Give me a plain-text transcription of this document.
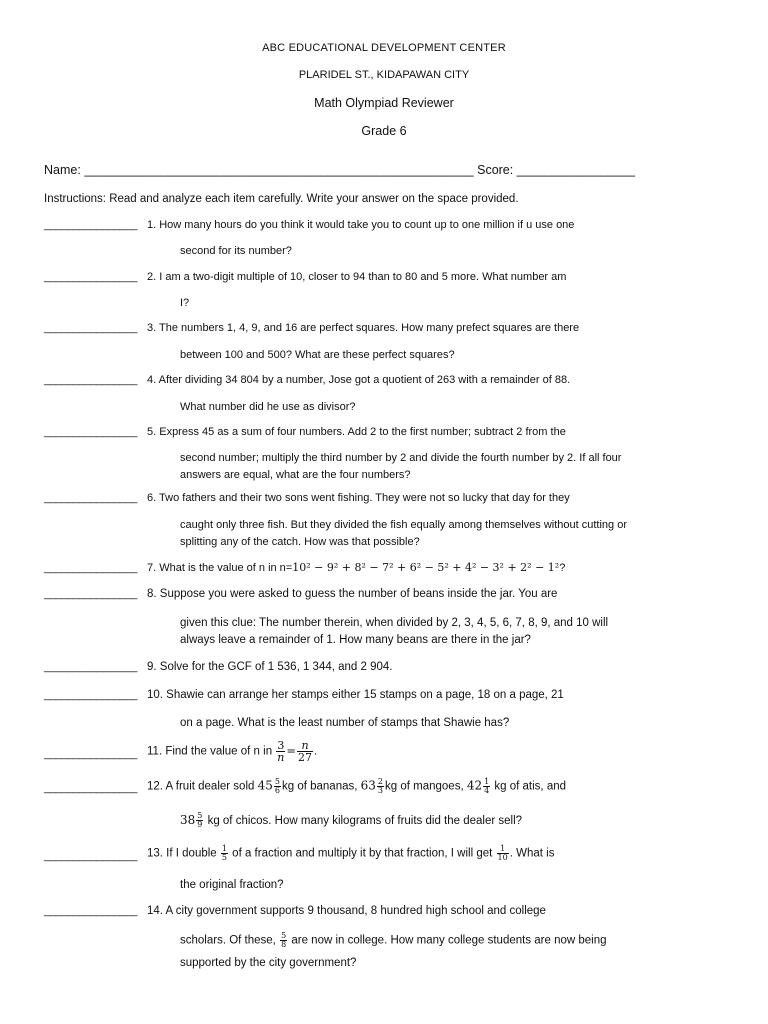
ABC EDUCATIONAL DEVELOPMENT CENTER
PLARIDEL ST., KIDAPAWAN CITY
Math Olympiad Reviewer
Grade 6
Name: ________________________________________________________ Score: _________________
Instructions: Read and analyze each item carefully. Write your answer on the space provided.
________________ 1. How many hours do you think it would take you to count up to one million if u use one
second for its number?
________________ 2. I am a two-digit multiple of 10, closer to 94 than to 80 and 5 more. What number am
I?
________________ 3. The numbers 1, 4, 9, and 16 are perfect squares. How many prefect squares are there
between 100 and 500? What are these perfect squares?
________________ 4. After dividing 34 804 by a number, Jose got a quotient of 263 with a remainder of 88.
What number did he use as divisor?
________________ 5. Express 45 as a sum of four numbers. Add 2 to the first number; subtract 2 from the
second number; multiply the third number by 2 and divide the fourth number by 2. If all four
answers are equal, what are the four numbers?
________________ 6. Two fathers and their two sons went fishing. They were not so lucky that day for they
caught only three fish. But they divided the fish equally among themselves without cutting or
splitting any of the catch. How was that possible?
________________ 7. What is the value of n in n=10² − 9² + 8² − 7² + 6² − 5² + 4² − 3² + 2² − 1²?
________________ 8. Suppose you were asked to guess the number of beans inside the jar. You are
given this clue: The number therein, when divided by 2, 3, 4, 5, 6, 7, 8, 9, and 10 will
always leave a remainder of 1. How many beans are there in the jar?
________________ 9. Solve for the GCF of 1 536, 1 344, and 2 904.
________________ 10. Shawie can arrange her stamps either 15 stamps on a page, 18 on a page, 21
on a page. What is the least number of stamps that Shawie has?
________________ 11. Find the value of n in $\frac{3}{n} = \frac{n}{27}$ .
________________ 12. A fruit dealer sold $45 \frac{5}{6}$ kg of bananas, $63 \frac{2}{3}$ kg of mangoes, $42 \frac{1}{4}$ kg of atis, and
$38 \frac{5}{9}$ kg of chicos. How many kilograms of fruits did the dealer sell?
________________ 13. If I double $\frac{1}{5}$ of a fraction and multiply it by that fraction, I will get $\frac{1}{10}$ . What is
the original fraction?
________________ 14. A city government supports 9 thousand, 8 hundred high school and college
scholars. Of these, $\frac{5}{8}$ are now in college. How many college students are now being
supported by the city government?
